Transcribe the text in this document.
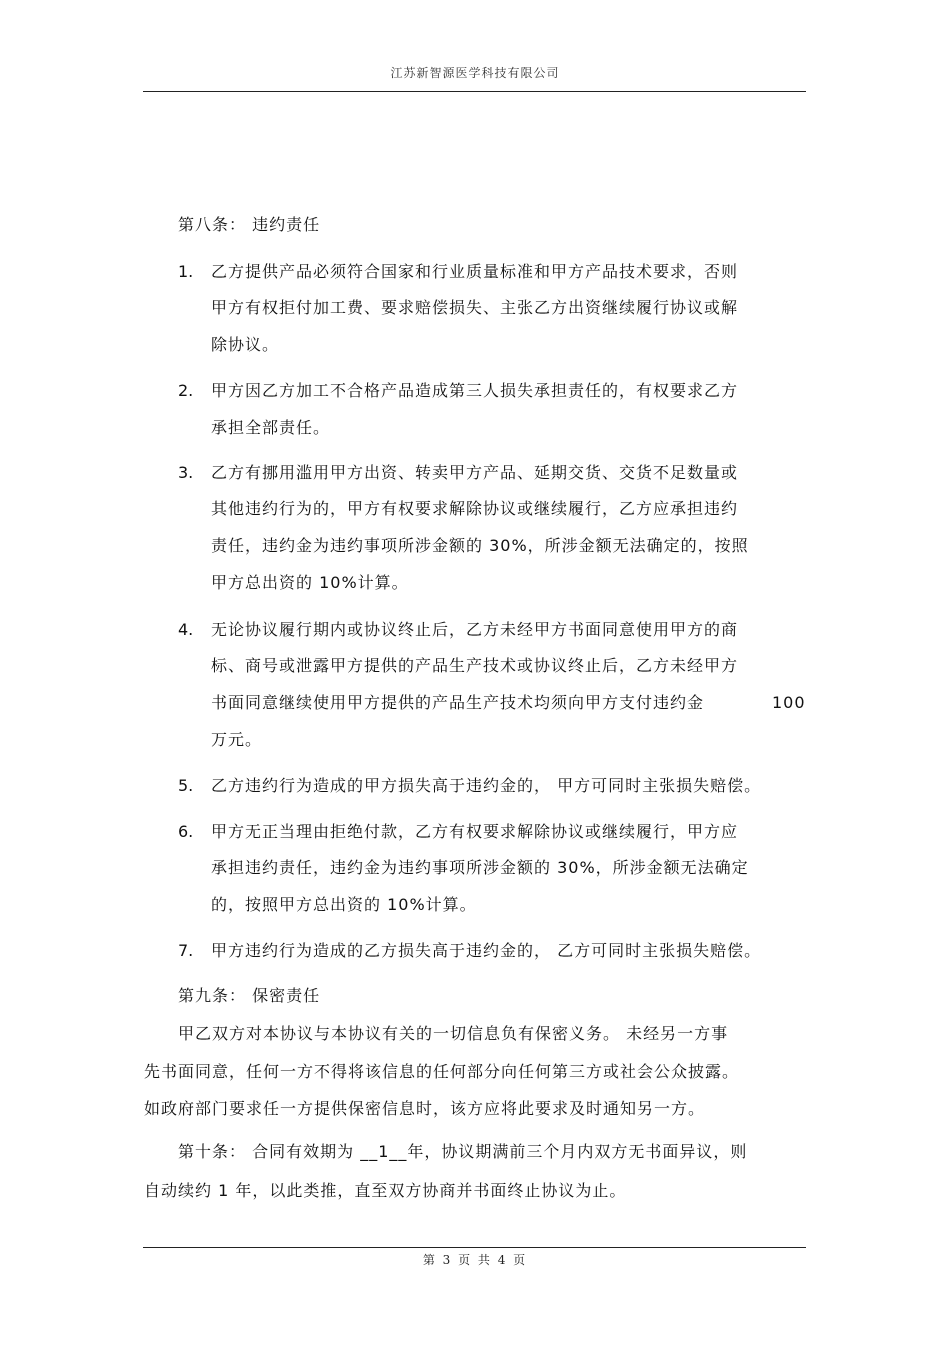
江苏新智源医学科技有限公司
第八条： 违约责任
1. 乙方提供产品必须符合国家和行业质量标准和甲方产品技术要求，否则
甲方有权拒付加工费、要求赔偿损失、主张乙方出资继续履行协议或解
除协议。
2. 甲方因乙方加工不合格产品造成第三人损失承担责任的，有权要求乙方
承担全部责任。
3. 乙方有挪用滥用甲方出资、转卖甲方产品、延期交货、交货不足数量或
其他违约行为的，甲方有权要求解除协议或继续履行，乙方应承担违约
责任，违约金为违约事项所涉金额的 30%，所涉金额无法确定的，按照
甲方总出资的 10%计算。
4. 无论协议履行期内或协议终止后，乙方未经甲方书面同意使用甲方的商
标、商号或泄露甲方提供的产品生产技术或协议终止后，乙方未经甲方
书面同意继续使用甲方提供的产品生产技术均须向甲方支付违约金	100
万元。
5. 乙方违约行为造成的甲方损失高于违约金的， 甲方可同时主张损失赔偿。
6. 甲方无正当理由拒绝付款，乙方有权要求解除协议或继续履行，甲方应
承担违约责任，违约金为违约事项所涉金额的 30%，所涉金额无法确定
的，按照甲方总出资的 10%计算。
7. 甲方违约行为造成的乙方损失高于违约金的， 乙方可同时主张损失赔偿。
第九条： 保密责任
甲乙双方对本协议与本协议有关的一切信息负有保密义务。 未经另一方事
先书面同意，任何一方不得将该信息的任何部分向任何第三方或社会公众披露。
如政府部门要求任一方提供保密信息时，该方应将此要求及时通知另一方。
第十条： 合同有效期为 __1__年，协议期满前三个月内双方无书面异议，则
自动续约 1 年，以此类推，直至双方协商并书面终止协议为止。
第 3 页 共 4 页
